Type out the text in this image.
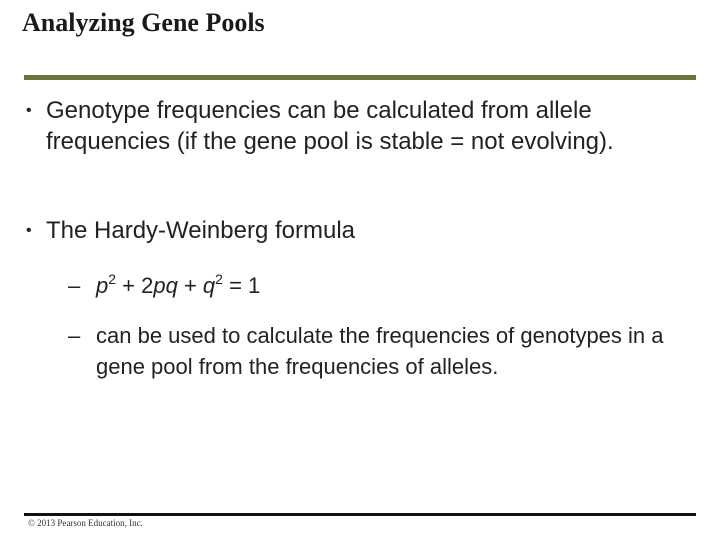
Analyzing Gene Pools
• Genotype frequencies can be calculated from allele frequencies (if the gene pool is stable = not evolving).
• The Hardy-Weinberg formula
– $p^2 + 2pq + q^2 = 1$
– can be used to calculate the frequencies of genotypes in a gene pool from the frequencies of alleles.
© 2013 Pearson Education, Inc.
